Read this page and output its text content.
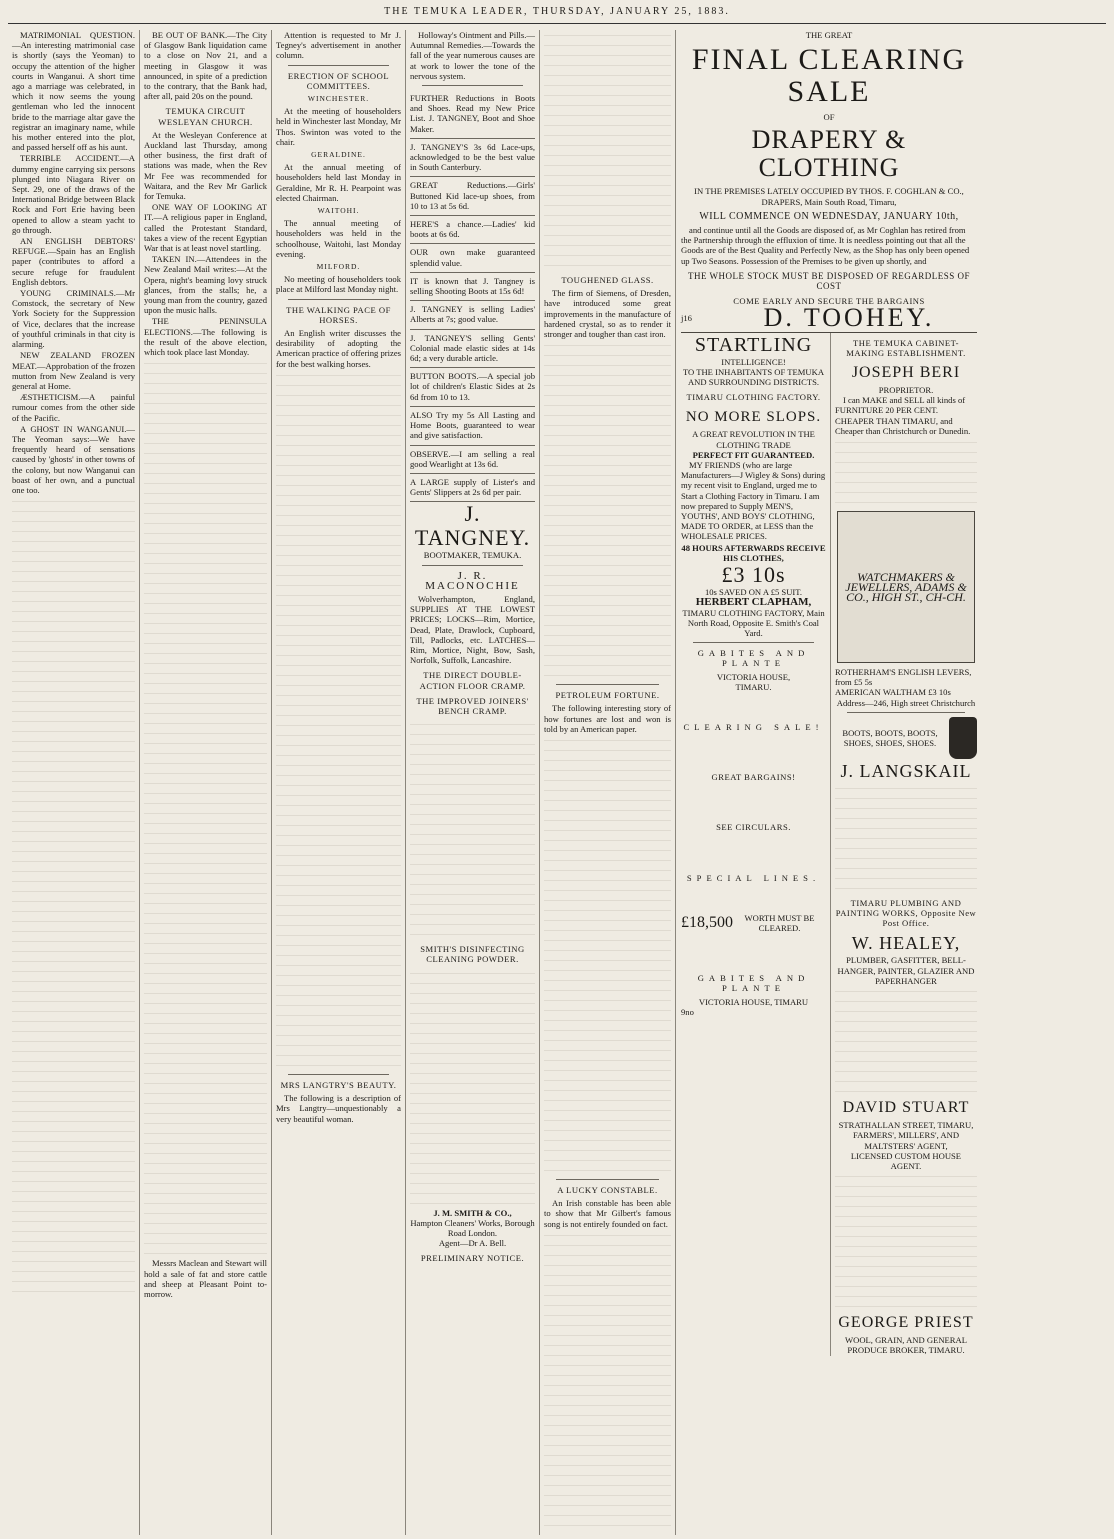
THE TEMUKA LEADER, THURSDAY, JANUARY 25, 1883.

MATRIMONIAL QUESTION.—An interesting matrimonial case is shortly (says the Yeoman) to occupy the attention of the higher courts in Wanganui. A short time ago a marriage was celebrated, in which it now seems the young gentleman who led the innocent bride to the marriage altar gave the registrar an imaginary name, while his mother entered into the plot, and passed herself off as his aunt.

TERRIBLE ACCIDENT.—A dummy engine carrying six persons plunged into Niagara River on Sept. 29, one of the draws of the International Bridge between Black Rock and Fort Erie having been opened to allow a steam yacht to go through.

AN ENGLISH DEBTORS' REFUGE.—Spain has an English paper (contributes to afford a secure refuge for fraudulent English debtors.

YOUNG CRIMINALS.—Mr Comstock, the secretary of New York Society for the Suppression of Vice, declares that the increase of youthful criminals in that city is alarming.

NEW ZEALAND FROZEN MEAT.—Approbation of the frozen mutton from New Zealand is very general at Home.

ÆSTHETICISM.—A painful rumour comes from the other side of the Pacific.

A GHOST IN WANGANUI.—The Yeoman says:—We have frequently heard of sensations caused by 'ghosts' in other towns of the colony, but now Wanganui can boast of her own, and a punctual one too.

BE OUT OF BANK.—The City of Glasgow Bank liquidation came to a close on Nov 21, and a meeting in Glasgow it was announced, in spite of a prediction to the contrary, that the Bank had, after all, paid 20s on the pound.

TEMUKA CIRCUIT WESLEYAN CHURCH.

At the Wesleyan Conference at Auckland last Thursday, among other business, the first draft of stations was made, when the Rev Mr Fee was recommended for Waitara, and the Rev Mr Garlick for Temuka.

ONE WAY OF LOOKING AT IT.—A religious paper in England, called the Protestant Standard, takes a view of the recent Egyptian War that is at least novel startling.

TAKEN IN.—Attendees in the New Zealand Mail writes:—At the Opera, night's beaming lovy struck glances, from the stalls; he, a young man from the country, gazed upon the music halls.

THE PENINSULA ELECTIONS.—The following is the result of the above election, which took place last Monday.

Messrs Maclean and Stewart will hold a sale of fat and store cattle and sheep at Pleasant Point to-morrow.

Attention is requested to Mr J. Tegney's advertisement in another column.

ERECTION OF SCHOOL COMMITTEES.
WINCHESTER.

At the meeting of householders held in Winchester last Monday, Mr Thos. Swinton was voted to the chair.

GERALDINE.

At the annual meeting of householders held last Monday in Geraldine, Mr R. H. Pearpoint was elected Chairman.

WAITOHI.

The annual meeting of householders was held in the schoolhouse, Waitohi, last Monday evening.

MILFORD.

No meeting of householders took place at Milford last Monday night.

THE WALKING PACE OF HORSES.

An English writer discusses the desirability of adopting the American practice of offering prizes for the best walking horses.

MRS LANGTRY'S BEAUTY.

The following is a description of Mrs Langtry—unquestionably a very beautiful woman.

Holloway's Ointment and Pills.—Autumnal Remedies.—Towards the fall of the year numerous causes are at work to lower the tone of the nervous system.

FURTHER Reductions in Boots and Shoes. Read my New Price List. J. TANGNEY, Boot and Shoe Maker.

J. TANGNEY'S 3s 6d Lace-ups, acknowledged to be the best value in South Canterbury.

GREAT Reductions.—Girls' Buttoned Kid lace-up shoes, from 10 to 13 at 5s 6d.

HERE'S a chance.—Ladies' kid boots at 6s 6d.

OUR own make guaranteed splendid value.

IT is known that J. Tangney is selling Shooting Boots at 15s 6d!

J. TANGNEY is selling Ladies' Alberts at 7s; good value.

J. TANGNEY'S selling Gents' Colonial made elastic sides at 14s 6d; a very durable article.

BUTTON BOOTS.—A special job lot of children's Elastic Sides at 2s 6d from 10 to 13.

ALSO Try my 5s All Lasting and Home Boots, guaranteed to wear and give satisfaction.

OBSERVE.—I am selling a real good Wearlight at 13s 6d.

A LARGE supply of Lister's and Gents' Slippers at 2s 6d per pair.

J. TANGNEY.
BOOTMAKER, TEMUKA.
J. R. MACONOCHIE

Wolverhampton, England, SUPPLIES AT THE LOWEST PRICES; LOCKS—Rim, Mortice, Dead, Plate, Drawlock, Cupboard, Till, Padlocks, etc. LATCHES—Rim, Mortice, Night, Bow, Sash, Norfolk, Suffolk, Lancashire.

THE DIRECT DOUBLE-ACTION FLOOR CRAMP.
THE IMPROVED JOINERS' BENCH CRAMP.
SMITH'S DISINFECTING CLEANING POWDER.
J. M. SMITH & CO.,
Hampton Cleaners' Works, Borough Road London.
Agent—Dr A. Bell.
PRELIMINARY NOTICE.
TOUGHENED GLASS.

The firm of Siemens, of Dresden, have introduced some great improvements in the manufacture of hardened crystal, so as to render it stronger and tougher than cast iron.

PETROLEUM FORTUNE.

The following interesting story of how fortunes are lost and won is told by an American paper.

A LUCKY CONSTABLE.

An Irish constable has been able to show that Mr Gilbert's famous song is not entirely founded on fact.

THE GREAT
FINAL CLEARING SALE
OF
DRAPERY & CLOTHING
IN THE PREMISES LATELY OCCUPIED BY THOS. F. COGHLAN & CO., DRAPERS, Main South Road, Timaru,
WILL COMMENCE ON WEDNESDAY, JANUARY 10th,

and continue until all the Goods are disposed of, as Mr Coghlan has retired from the Partnership through the effluxion of time. It is needless pointing out that all the Goods are of the Best Quality and Perfectly New, as the Shop has only been opened up Two Seasons. Possession of the Premises to be given up shortly, and

THE WHOLE STOCK MUST BE DISPOSED OF REGARDLESS OF COST
COME EARLY AND SECURE THE BARGAINS
j16	D. TOOHEY.
STARTLING
INTELLIGENCE!
TO THE INHABITANTS OF TEMUKA AND SURROUNDING DISTRICTS.
TIMARU CLOTHING FACTORY.
NO MORE SLOPS.
A GREAT REVOLUTION IN THE CLOTHING TRADE
PERFECT FIT GUARANTEED.

MY FRIENDS (who are large Manufacturers—J Wigley & Sons) during my recent visit to England, urged me to Start a Clothing Factory in Timaru. I am now prepared to Supply MEN'S, YOUTHS', AND BOYS' CLOTHING, MADE TO ORDER, at LESS than the WHOLESALE PRICES.

48 HOURS AFTERWARDS RECEIVE HIS CLOTHES,
£3 10s
10s SAVED ON A £5 SUIT.
HERBERT CLAPHAM,
TIMARU CLOTHING FACTORY, Main North Road, Opposite E. Smith's Coal Yard.
GABITES AND PLANTE
VICTORIA HOUSE,
TIMARU.
CLEARING SALE!
GREAT BARGAINS!
SEE CIRCULARS.
SPECIAL LINES.
£18,500	WORTH MUST BE CLEARED.
GABITES AND PLANTE
VICTORIA HOUSE, TIMARU
9no
THE TEMUKA CABINET-MAKING ESTABLISHMENT.
JOSEPH BERI
PROPRIETOR.

I can MAKE and SELL all kinds of FURNITURE 20 PER CENT. CHEAPER THAN TIMARU, and Cheaper than Christchurch or Dunedin.

WATCHMAKERS & JEWELLERS, ADAMS & CO., HIGH ST., CH-CH.
ROTHERHAM'S ENGLISH LEVERS, from £5 5s
AMERICAN WALTHAM £3 10s
Address—246, High street Christchurch
BOOTS, BOOTS, BOOTS, SHOES, SHOES, SHOES.
J. LANGSKAIL
TIMARU PLUMBING AND PAINTING WORKS, Opposite New Post Office.
W. HEALEY,
PLUMBER, GASFITTER, BELL-HANGER, PAINTER, GLAZIER AND PAPERHANGER
DAVID STUART
STRATHALLAN STREET, TIMARU,
FARMERS', MILLERS', AND MALTSTERS' AGENT,
LICENSED CUSTOM HOUSE AGENT.
GEORGE PRIEST
WOOL, GRAIN, AND GENERAL PRODUCE BROKER, TIMARU.
